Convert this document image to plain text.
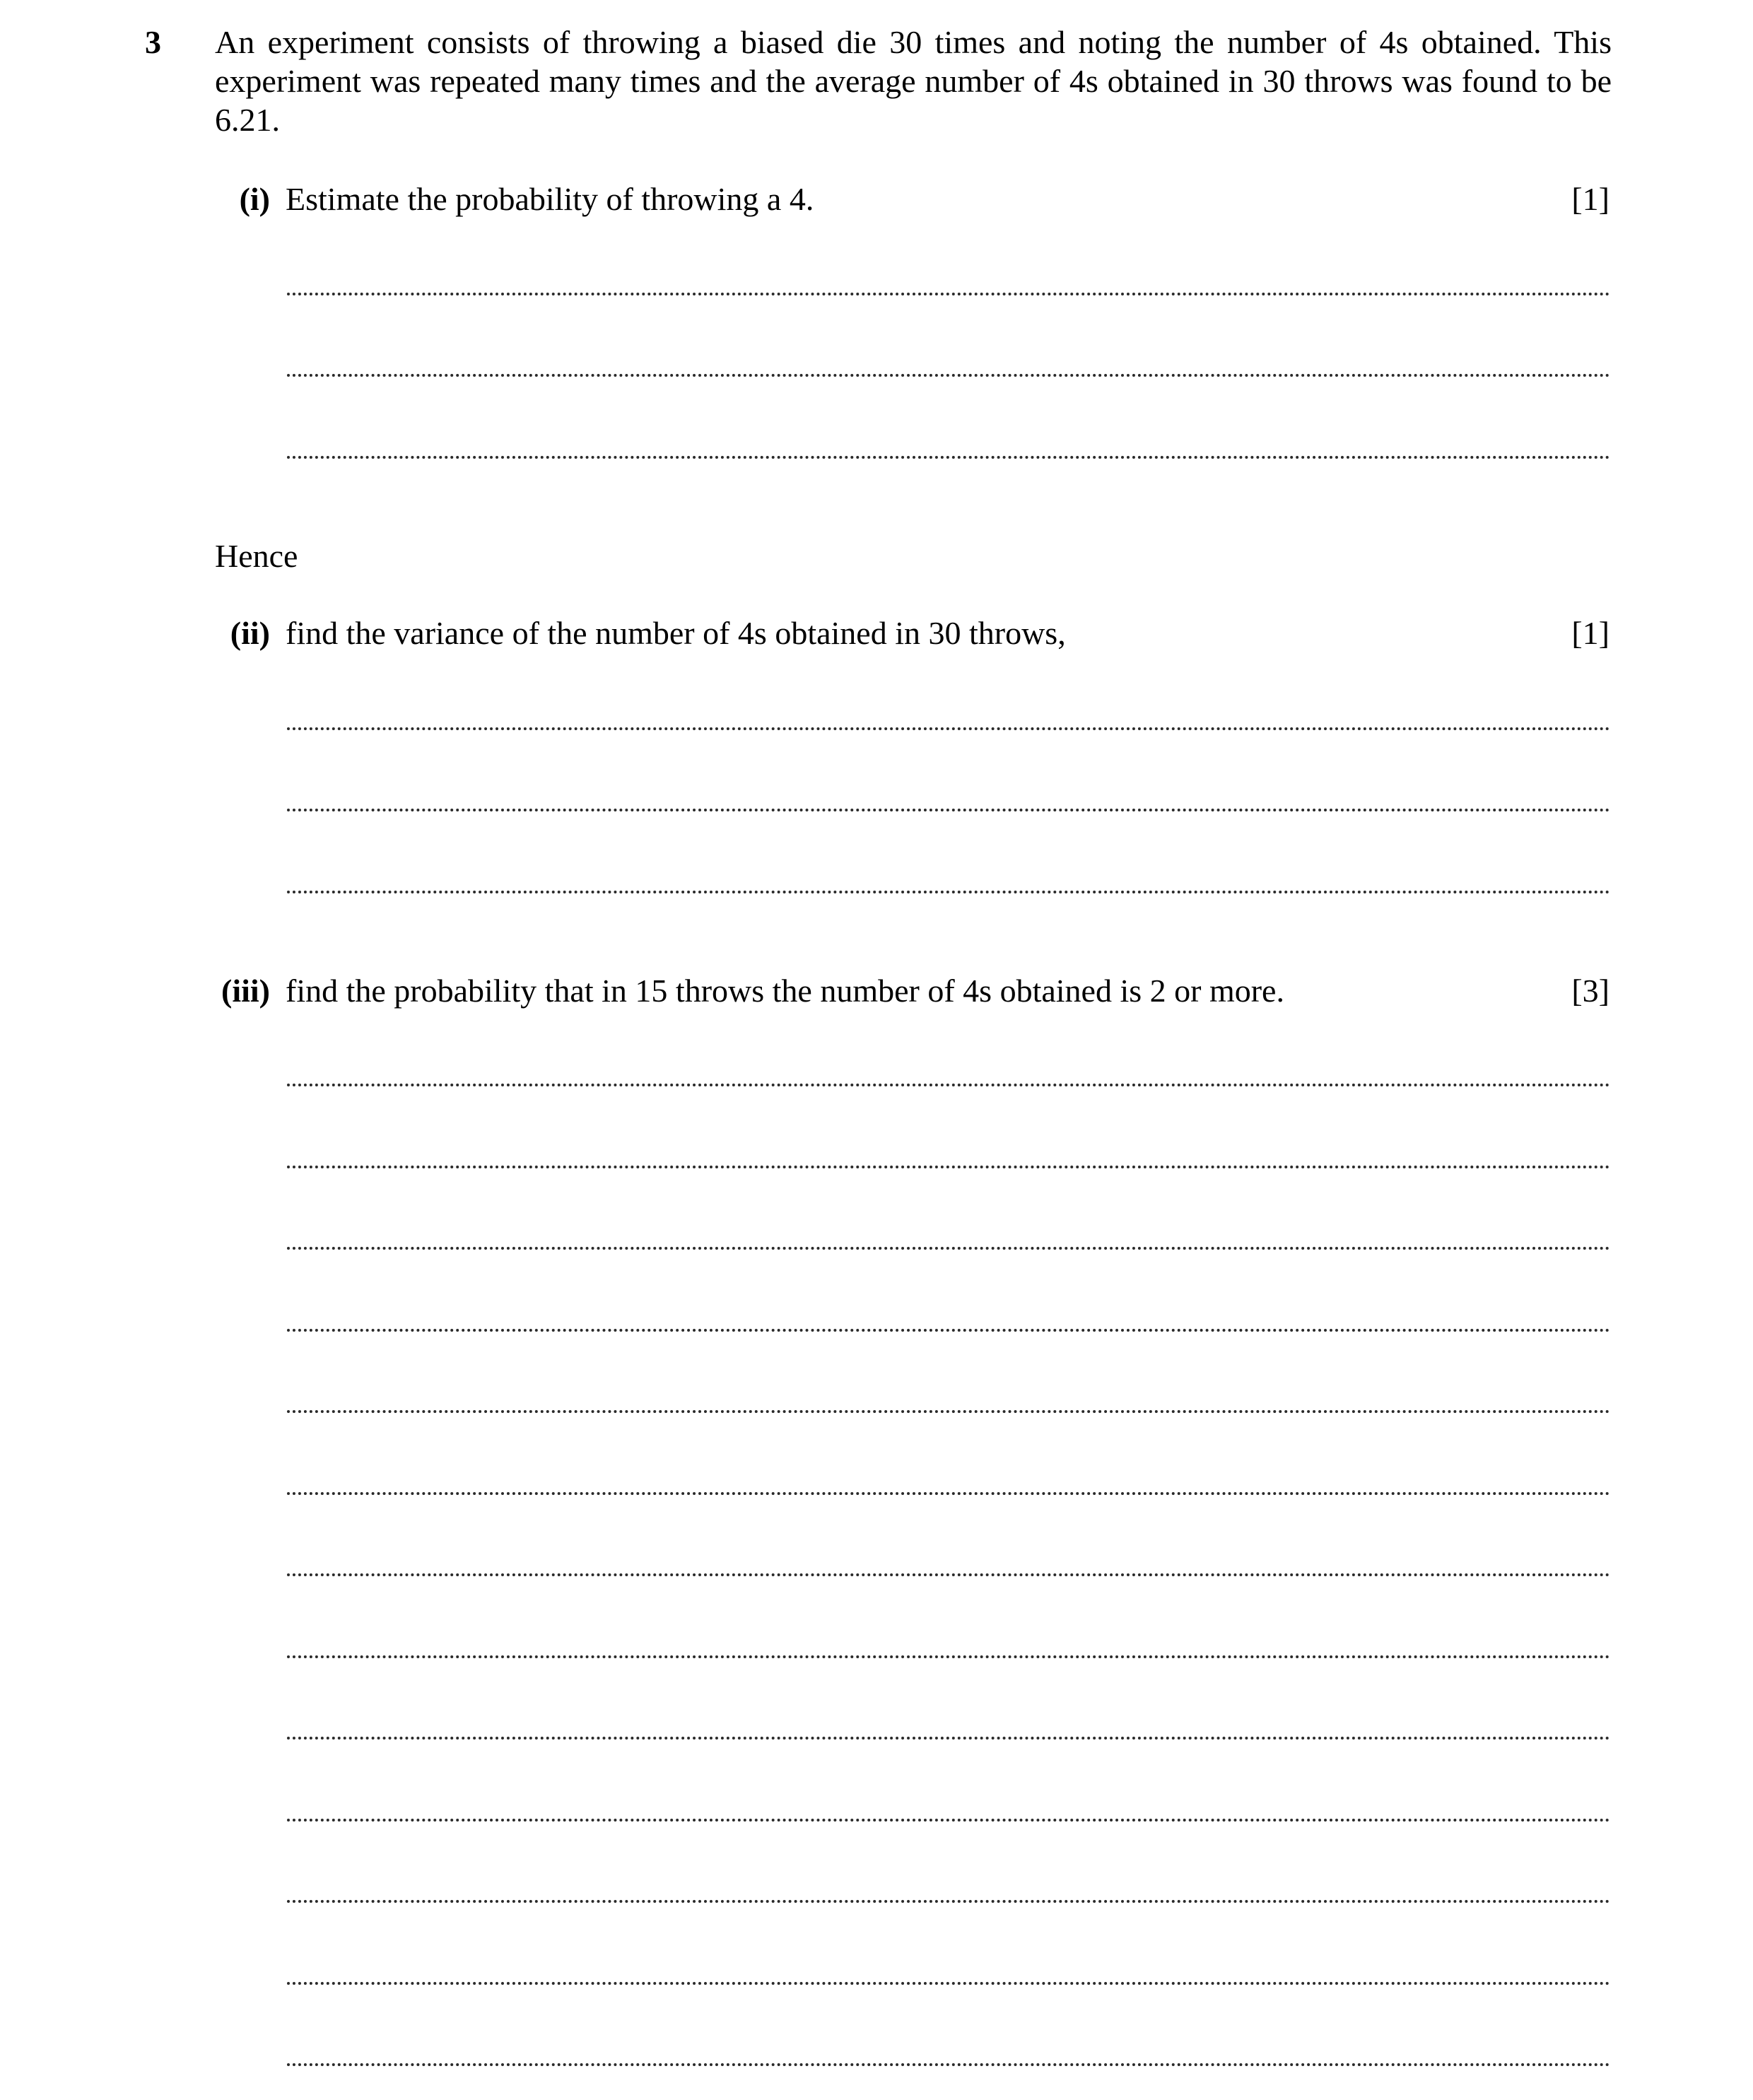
3 An experiment consists of throwing a biased die 30 times and noting the number of 4s obtained. This experiment was repeated many times and the average number of 4s obtained in 30 throws was found to be 6.21.

(i) Estimate the probability of throwing a 4.	[1]
Hence
(ii) find the variance of the number of 4s obtained in 30 throws,	[1]
(iii) find the probability that in 15 throws the number of 4s obtained is 2 or more.	[3]
